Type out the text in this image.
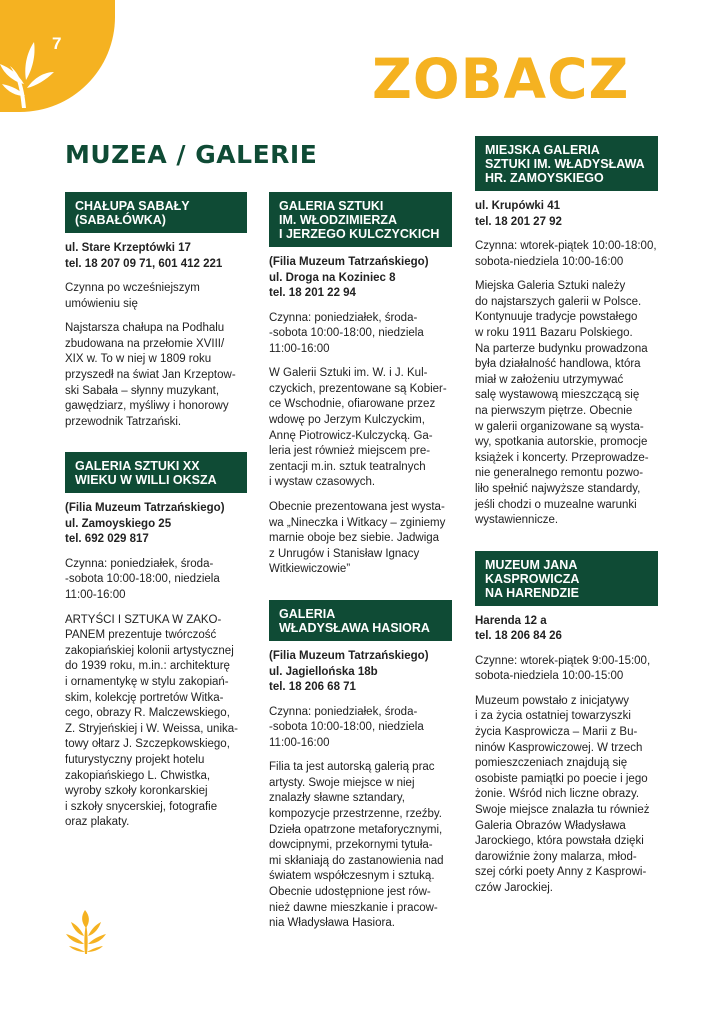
7
ZOBACZ
MUZEA / GALERIE
CHAŁUPA SABAŁY
(SABAŁÓWKA)

ul. Stare Krzeptówki 17
tel. 18 207 09 71, 601 412 221

Czynna po wcześniejszym
umówieniu się

Najstarsza chałupa na Podhalu
zbudowana na przełomie XVIII/
XIX w. To w niej w 1809 roku
przyszedł na świat Jan Krzeptow-
ski Sabała – słynny muzykant,
gawędziarz, myśliwy i honorowy
przewodnik Tatrzański.

GALERIA SZTUKI XX
WIEKU W WILLI OKSZA

(Filia Muzeum Tatrzańskiego)
ul. Zamoyskiego 25
tel. 692 029 817

Czynna: poniedziałek, środa-
-sobota 10:00-18:00, niedziela
11:00-16:00

ARTYŚCI I SZTUKA W ZAKO-
PANEM prezentuje twórczość
zakopiańskiej kolonii artystycznej
do 1939 roku, m.in.: architekturę
i ornamentykę w stylu zakopiań-
skim, kolekcję portretów Witka-
cego, obrazy R. Malczewskiego,
Z. Stryjeńskiej i W. Weissa, unika-
towy ołtarz J. Szczepkowskiego,
futurystyczny projekt hotelu
zakopiańskiego L. Chwistka,
wyroby szkoły koronkarskiej
i szkoły snycerskiej, fotografie
oraz plakaty.

GALERIA SZTUKI
IM. WŁODZIMIERZA
I JERZEGO KULCZYCKICH

(Filia Muzeum Tatrzańskiego)
ul. Droga na Koziniec 8
tel. 18 201 22 94

Czynna: poniedziałek, środa-
-sobota 10:00-18:00, niedziela
11:00-16:00

W Galerii Sztuki im. W. i J. Kul-
czyckich, prezentowane są Kobier-
ce Wschodnie, ofiarowane przez
wdowę po Jerzym Kulczyckim,
Annę Piotrowicz-Kulczycką. Ga-
leria jest również miejscem pre-
zentacji m.in. sztuk teatralnych
i wystaw czasowych.

Obecnie prezentowana jest wysta-
wa „Nineczka i Witkacy – zginiemy
marnie oboje bez siebie. Jadwiga
z Unrugów i Stanisław Ignacy
Witkiewiczowie”

GALERIA
WŁADYSŁAWA HASIORA

(Filia Muzeum Tatrzańskiego)
ul. Jagiellońska 18b
tel. 18 206 68 71

Czynna: poniedziałek, środa-
-sobota 10:00-18:00, niedziela
11:00-16:00

Filia ta jest autorską galerią prac
artysty. Swoje miejsce w niej
znalazły sławne sztandary,
kompozycje przestrzenne, rzeźby.
Dzieła opatrzone metaforycznymi,
dowcipnymi, przekornymi tytuła-
mi skłaniają do zastanowienia nad
światem współczesnym i sztuką.
Obecnie udostępnione jest rów-
nież dawne mieszkanie i pracow-
nia Władysława Hasiora.

MIEJSKA GALERIA
SZTUKI IM. WŁADYSŁAWA
HR. ZAMOYSKIEGO

ul. Krupówki 41
tel. 18 201 27 92

Czynna: wtorek-piątek 10:00-18:00,
sobota-niedziela 10:00-16:00

Miejska Galeria Sztuki należy
do najstarszych galerii w Polsce.
Kontynuuje tradycje powstałego
w roku 1911 Bazaru Polskiego.
Na parterze budynku prowadzona
była działalność handlowa, która
miał w założeniu utrzymywać
salę wystawową mieszczącą się
na pierwszym piętrze. Obecnie
w galerii organizowane są wysta-
wy, spotkania autorskie, promocje
książek i koncerty. Przeprowadze-
nie generalnego remontu pozwo-
liło spełnić najwyższe standardy,
jeśli chodzi o muzealne warunki
wystawiennicze.

MUZEUM JANA
KASPROWICZA
NA HARENDZIE

Harenda 12 a
tel. 18 206 84 26

Czynne: wtorek-piątek 9:00-15:00,
sobota-niedziela 10:00-15:00

Muzeum powstało z inicjatywy
i za życia ostatniej towarzyszki
życia Kasprowicza – Marii z Bu-
ninów Kasprowiczowej. W trzech
pomieszczeniach znajdują się
osobiste pamiątki po poecie i jego
żonie. Wśród nich liczne obrazy.
Swoje miejsce znalazła tu również
Galeria Obrazów Władysława
Jarockiego, która powstała dzięki
darowiźnie żony malarza, młod-
szej córki poety Anny z Kasprowi-
czów Jarockiej.
